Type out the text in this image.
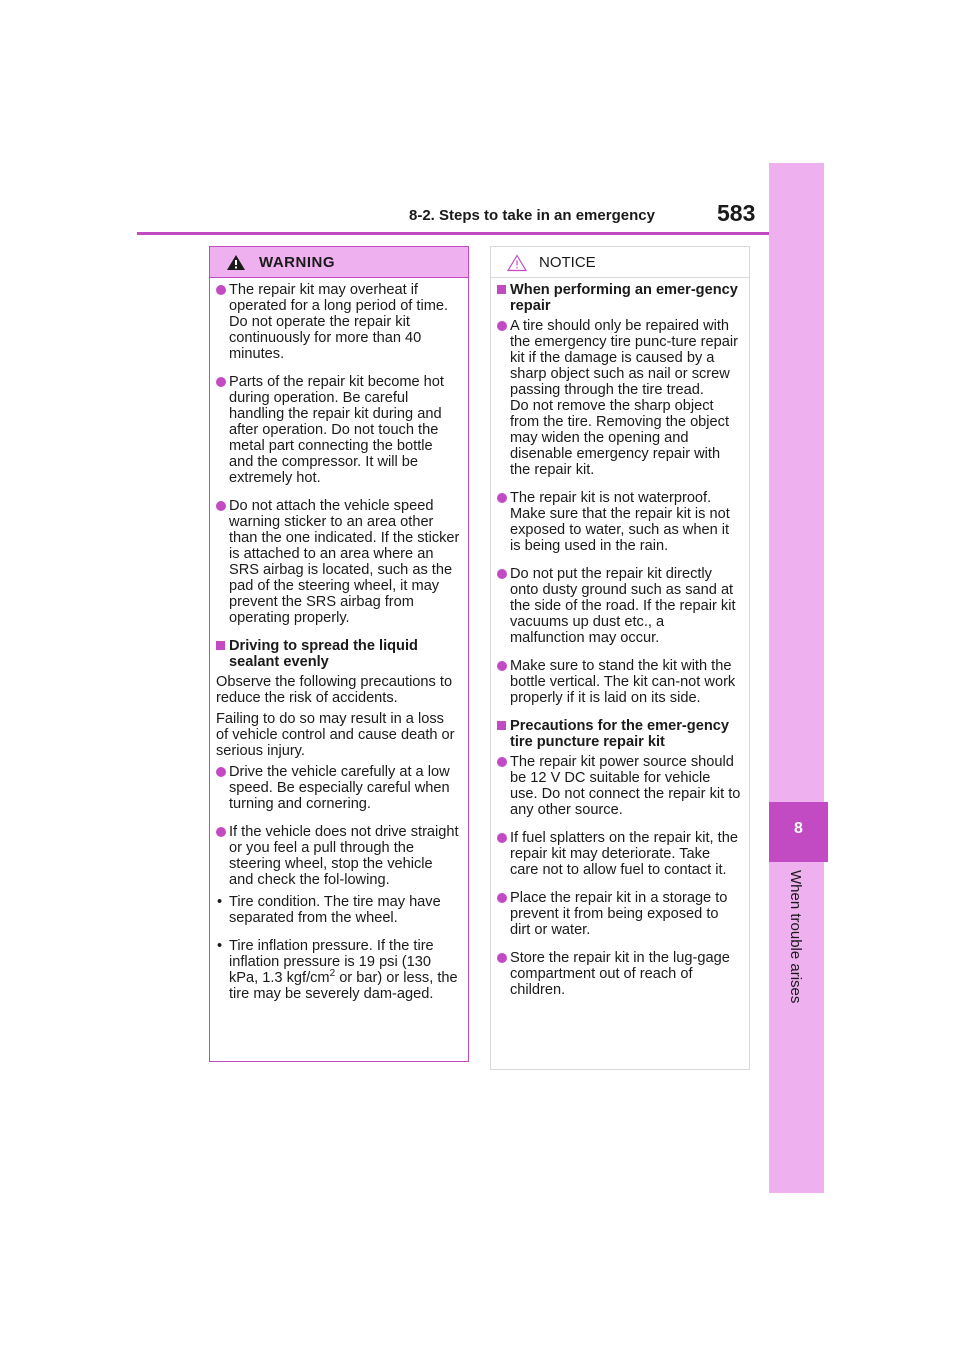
8
When trouble arises
8-2. Steps to take in an emergency	583
WARNING
The repair kit may overheat if operated for a long period of time. Do not operate the repair kit continuously for more than 40 minutes.
Parts of the repair kit become hot during operation. Be careful handling the repair kit during and after operation. Do not touch the metal part connecting the bottle and the compressor. It will be extremely hot.
Do not attach the vehicle speed warning sticker to an area other than the one indicated. If the sticker is attached to an area where an SRS airbag is located, such as the pad of the steering wheel, it may prevent the SRS airbag from operating properly.
Driving to spread the liquid sealant evenly
Observe the following precautions to reduce the risk of accidents.
Failing to do so may result in a loss of vehicle control and cause death or serious injury.
Drive the vehicle carefully at a low speed. Be especially careful when turning and cornering.
If the vehicle does not drive straight or you feel a pull through the steering wheel, stop the vehicle and check the fol-lowing.
• Tire condition. The tire may have separated from the wheel.
• Tire inflation pressure. If the tire inflation pressure is 19 psi (130 kPa, 1.3 kgf/$cm^2$ or bar) or less, the tire may be severely dam-aged.
NOTICE
When performing an emer-gency repair
A tire should only be repaired with the emergency tire punc-ture repair kit if the damage is caused by a sharp object such as nail or screw passing through the tire tread.
Do not remove the sharp object from the tire. Removing the object may widen the opening and disenable emergency repair with the repair kit.
The repair kit is not waterproof. Make sure that the repair kit is not exposed to water, such as when it is being used in the rain.
Do not put the repair kit directly onto dusty ground such as sand at the side of the road. If the repair kit vacuums up dust etc., a malfunction may occur.
Make sure to stand the kit with the bottle vertical. The kit can-not work properly if it is laid on its side.
Precautions for the emer-gency tire puncture repair kit
The repair kit power source should be 12 V DC suitable for vehicle use. Do not connect the repair kit to any other source.
If fuel splatters on the repair kit, the repair kit may deteriorate. Take care not to allow fuel to contact it.
Place the repair kit in a storage to prevent it from being exposed to dirt or water.
Store the repair kit in the lug-gage compartment out of reach of children.
